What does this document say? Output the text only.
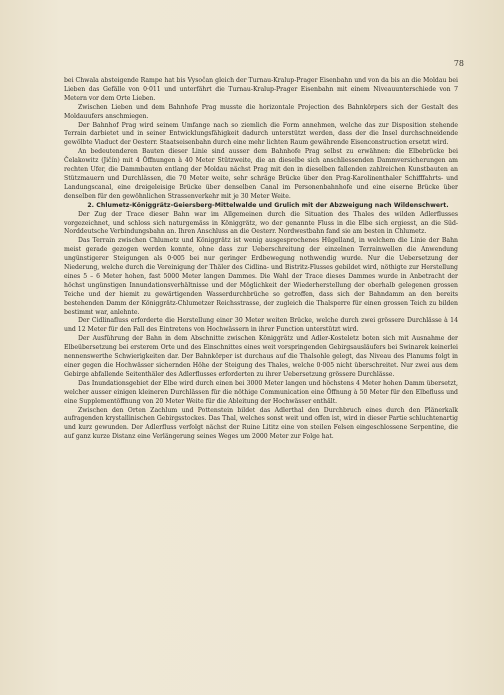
78

bei Chwala absteigende Rampe hat bis Vysočan gleich der Turnau-Kralup-Prager Eisenbahn und von da bis an die Moldau bei Lieben das Gefälle von 0·011 und unterfährt die Turnau-Kralup-Prager Eisenbahn mit einem Niveauunterschiede von 7 Metern vor dem Orte Lieben.

Zwischen Lieben und dem Bahnhofe Prag musste die horizontale Projection des Bahnkörpers sich der Gestalt des Moldauufers anschmiegen.

Der Bahnhof Prag wird seinem Umfange nach so ziemlich die Form annehmen, welche das zur Disposition stehende Terrain darbietet und in seiner Entwicklungsfähigkeit dadurch unterstützt werden, dass der die Insel durchschneidende gewölbte Viaduct der Oesterr. Staatseisenbahn durch eine mehr lichten Raum gewährende Eisenconstruction ersetzt wird.

An bedeutenderen Bauten dieser Linie sind ausser dem Bahnhofe Prag selbst zu erwähnen: die Elbebrücke bei Čelakowitz (Jičín) mit 4 Öffnungen à 40 Meter Stützweite, die an dieselbe sich anschliessenden Dammversicherungen am rechten Ufer, die Dammbauten entlang der Moldau nächst Prag mit den in dieselben fallenden zahlreichen Kunstbauten an Stützmauern und Durchlässen, die 70 Meter weite, sehr schräge Brücke über den Prag-Karolinenthaler Schifffahrts- und Landungscanal, eine dreigeleisige Brücke über denselben Canal im Personenbahnhofe und eine eiserne Brücke über denselben für den gewöhnlichen Strassenverkehr mit je 30 Meter Weite.

2. Chlumetz-Königgrätz-Geiersberg-Mittelwalde und Grulich mit der Abzweigung nach Wildenschwert.

Der Zug der Trace dieser Bahn war im Allgemeinen durch die Situation des Thales des wilden Adlerflusses vorgezeichnet, und schloss sich naturgemäss in Königgrätz, wo der genannte Fluss in die Elbe sich ergiesst, an die Süd-Norddeutsche Verbindungsbahn an. Ihren Anschluss an die Oesterr. Nordwestbahn fand sie am besten in Chlumetz.

Das Terrain zwischen Chlumetz und Königgrätz ist wenig ausgesprochenes Hügelland, in welchem die Linie der Bahn meist gerade gezogen werden konnte, ohne dass zur Ueberschreitung der einzelnen Terrainwellen die Anwendung ungünstigerer Steigungen als 0·005 bei nur geringer Erdbewegung nothwendig wurde. Nur die Uebersetzung der Niederung, welche durch die Vereinigung der Thäler des Cidlina- und Bistritz-Flusses gebildet wird, nöthigte zur Herstellung eines 5 – 6 Meter hohen, fast 5000 Meter langen Dammes. Die Wahl der Trace dieses Dammes wurde in Anbetracht der höchst ungünstigen Innundationsverhältnisse und der Möglichkeit der Wiederherstellung der oberhalb gelegenen grossen Teiche und der hiemit zu gewärtigenden Wasserdurchbrüche so getroffen, dass sich der Bahndamm an den bereits bestehenden Damm der Königgrätz-Chlumetzer Reichsstrasse, der zugleich die Thalsperre für einen grossen Teich zu bilden bestimmt war, anlehnte.

Der Cidlinafluss erforderte die Herstellung einer 30 Meter weiten Brücke, welche durch zwei grössere Durchlässe à 14 und 12 Meter für den Fall des Eintretens von Hochwässern in ihrer Function unterstützt wird.

Der Ausführung der Bahn in dem Abschnitte zwischen Königgrätz und Adler-Kosteletz boten sich mit Ausnahme der Elbeübersetzung bei ersterem Orte und des Einschnittes eines weit vorspringenden Gebirgsausläufers bei Swinarek keinerlei nennenswerthe Schwierigkeiten dar. Der Bahnkörper ist durchaus auf die Thalsohle gelegt, das Niveau des Planums folgt in einer gegen die Hochwässer sichernden Höhe der Steigung des Thales, welche 0·005 nicht überschreitet. Nur zwei aus dem Gebirge abfallende Seitenthäler des Adlerflusses erforderten zu ihrer Uebersetzung grössere Durchlässe.

Das Inundationsgebiet der Elbe wird durch einen bei 3000 Meter langen und höchstens 4 Meter hohen Damm übersetzt, welcher ausser einigen kleineren Durchlässen für die nöthige Communication eine Öffnung à 50 Meter für den Elbefluss und eine Supplementöffnung von 20 Meter Weite für die Ableitung der Hochwässer enthält.

Zwischen den Orten Zachlum und Pottenstein bildet das Adlerthal den Durchbruch eines durch den Plänerkalk aufragenden krystallinischen Gebirgsstockes. Das Thal, welches sonst weit und offen ist, wird in dieser Partie schluchtenartig und kurz gewunden. Der Adlerfluss verfolgt nächst der Ruine Lititz eine von steilen Felsen eingeschlossene Serpentine, die auf ganz kurze Distanz eine Verlängerung seines Weges um 2000 Meter zur Folge hat.
